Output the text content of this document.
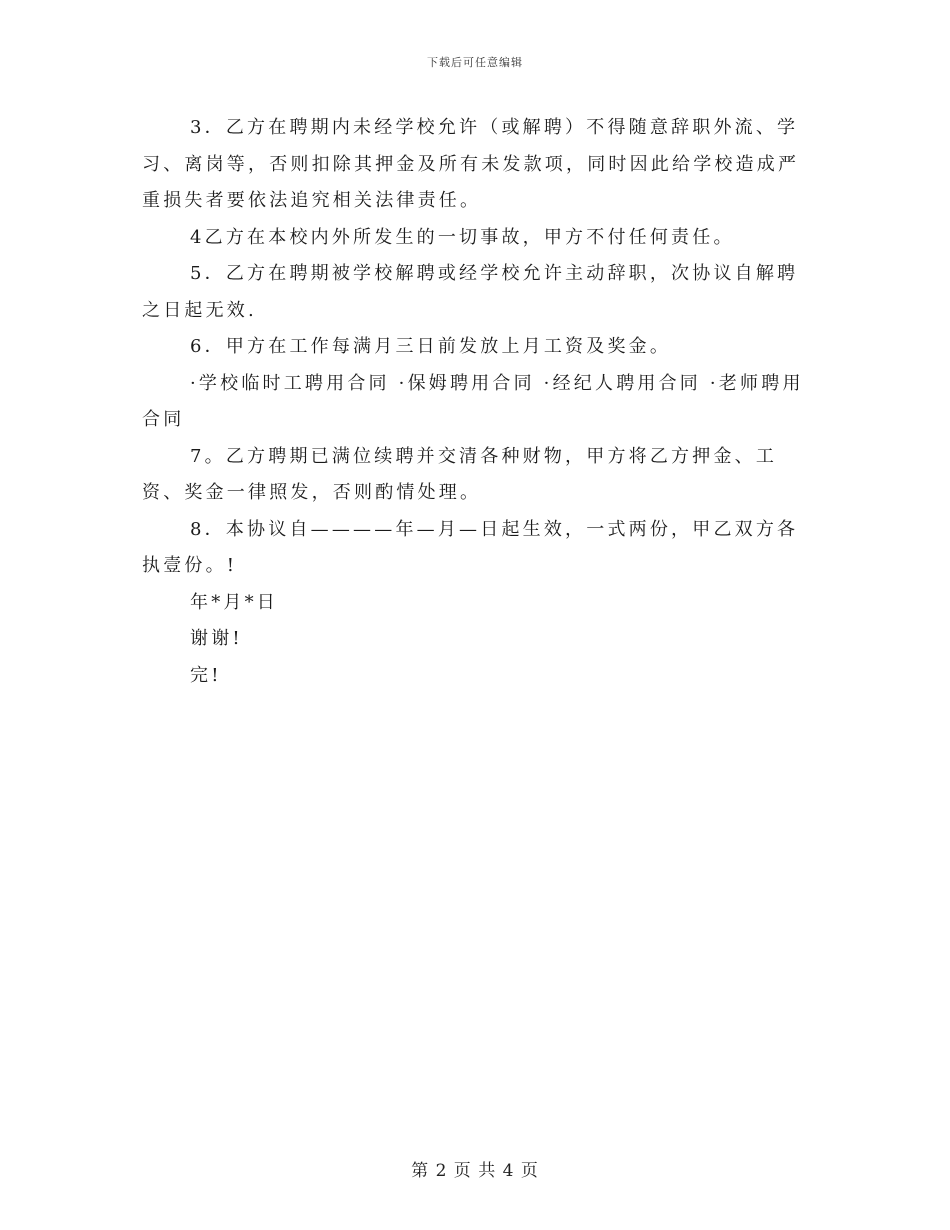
下载后可任意编辑

3．乙方在聘期内未经学校允许（或解聘）不得随意辞职外流、学习、离岗等，否则扣除其押金及所有未发款项，同时因此给学校造成严重损失者要依法追究相关法律责任。

4乙方在本校内外所发生的一切事故，甲方不付任何责任。

5．乙方在聘期被学校解聘或经学校允许主动辞职，次协议自解聘之日起无效.

6．甲方在工作每满月三日前发放上月工资及奖金。

·学校临时工聘用合同 ·保姆聘用合同 ·经纪人聘用合同 ·老师聘用合同

7。乙方聘期已满位续聘并交清各种财物，甲方将乙方押金、工资、奖金一律照发，否则酌情处理。

8．本协议自————年—月—日起生效，一式两份，甲乙双方各执壹份。!

年*月*日

谢谢!

完!

第 2 页 共 4 页
